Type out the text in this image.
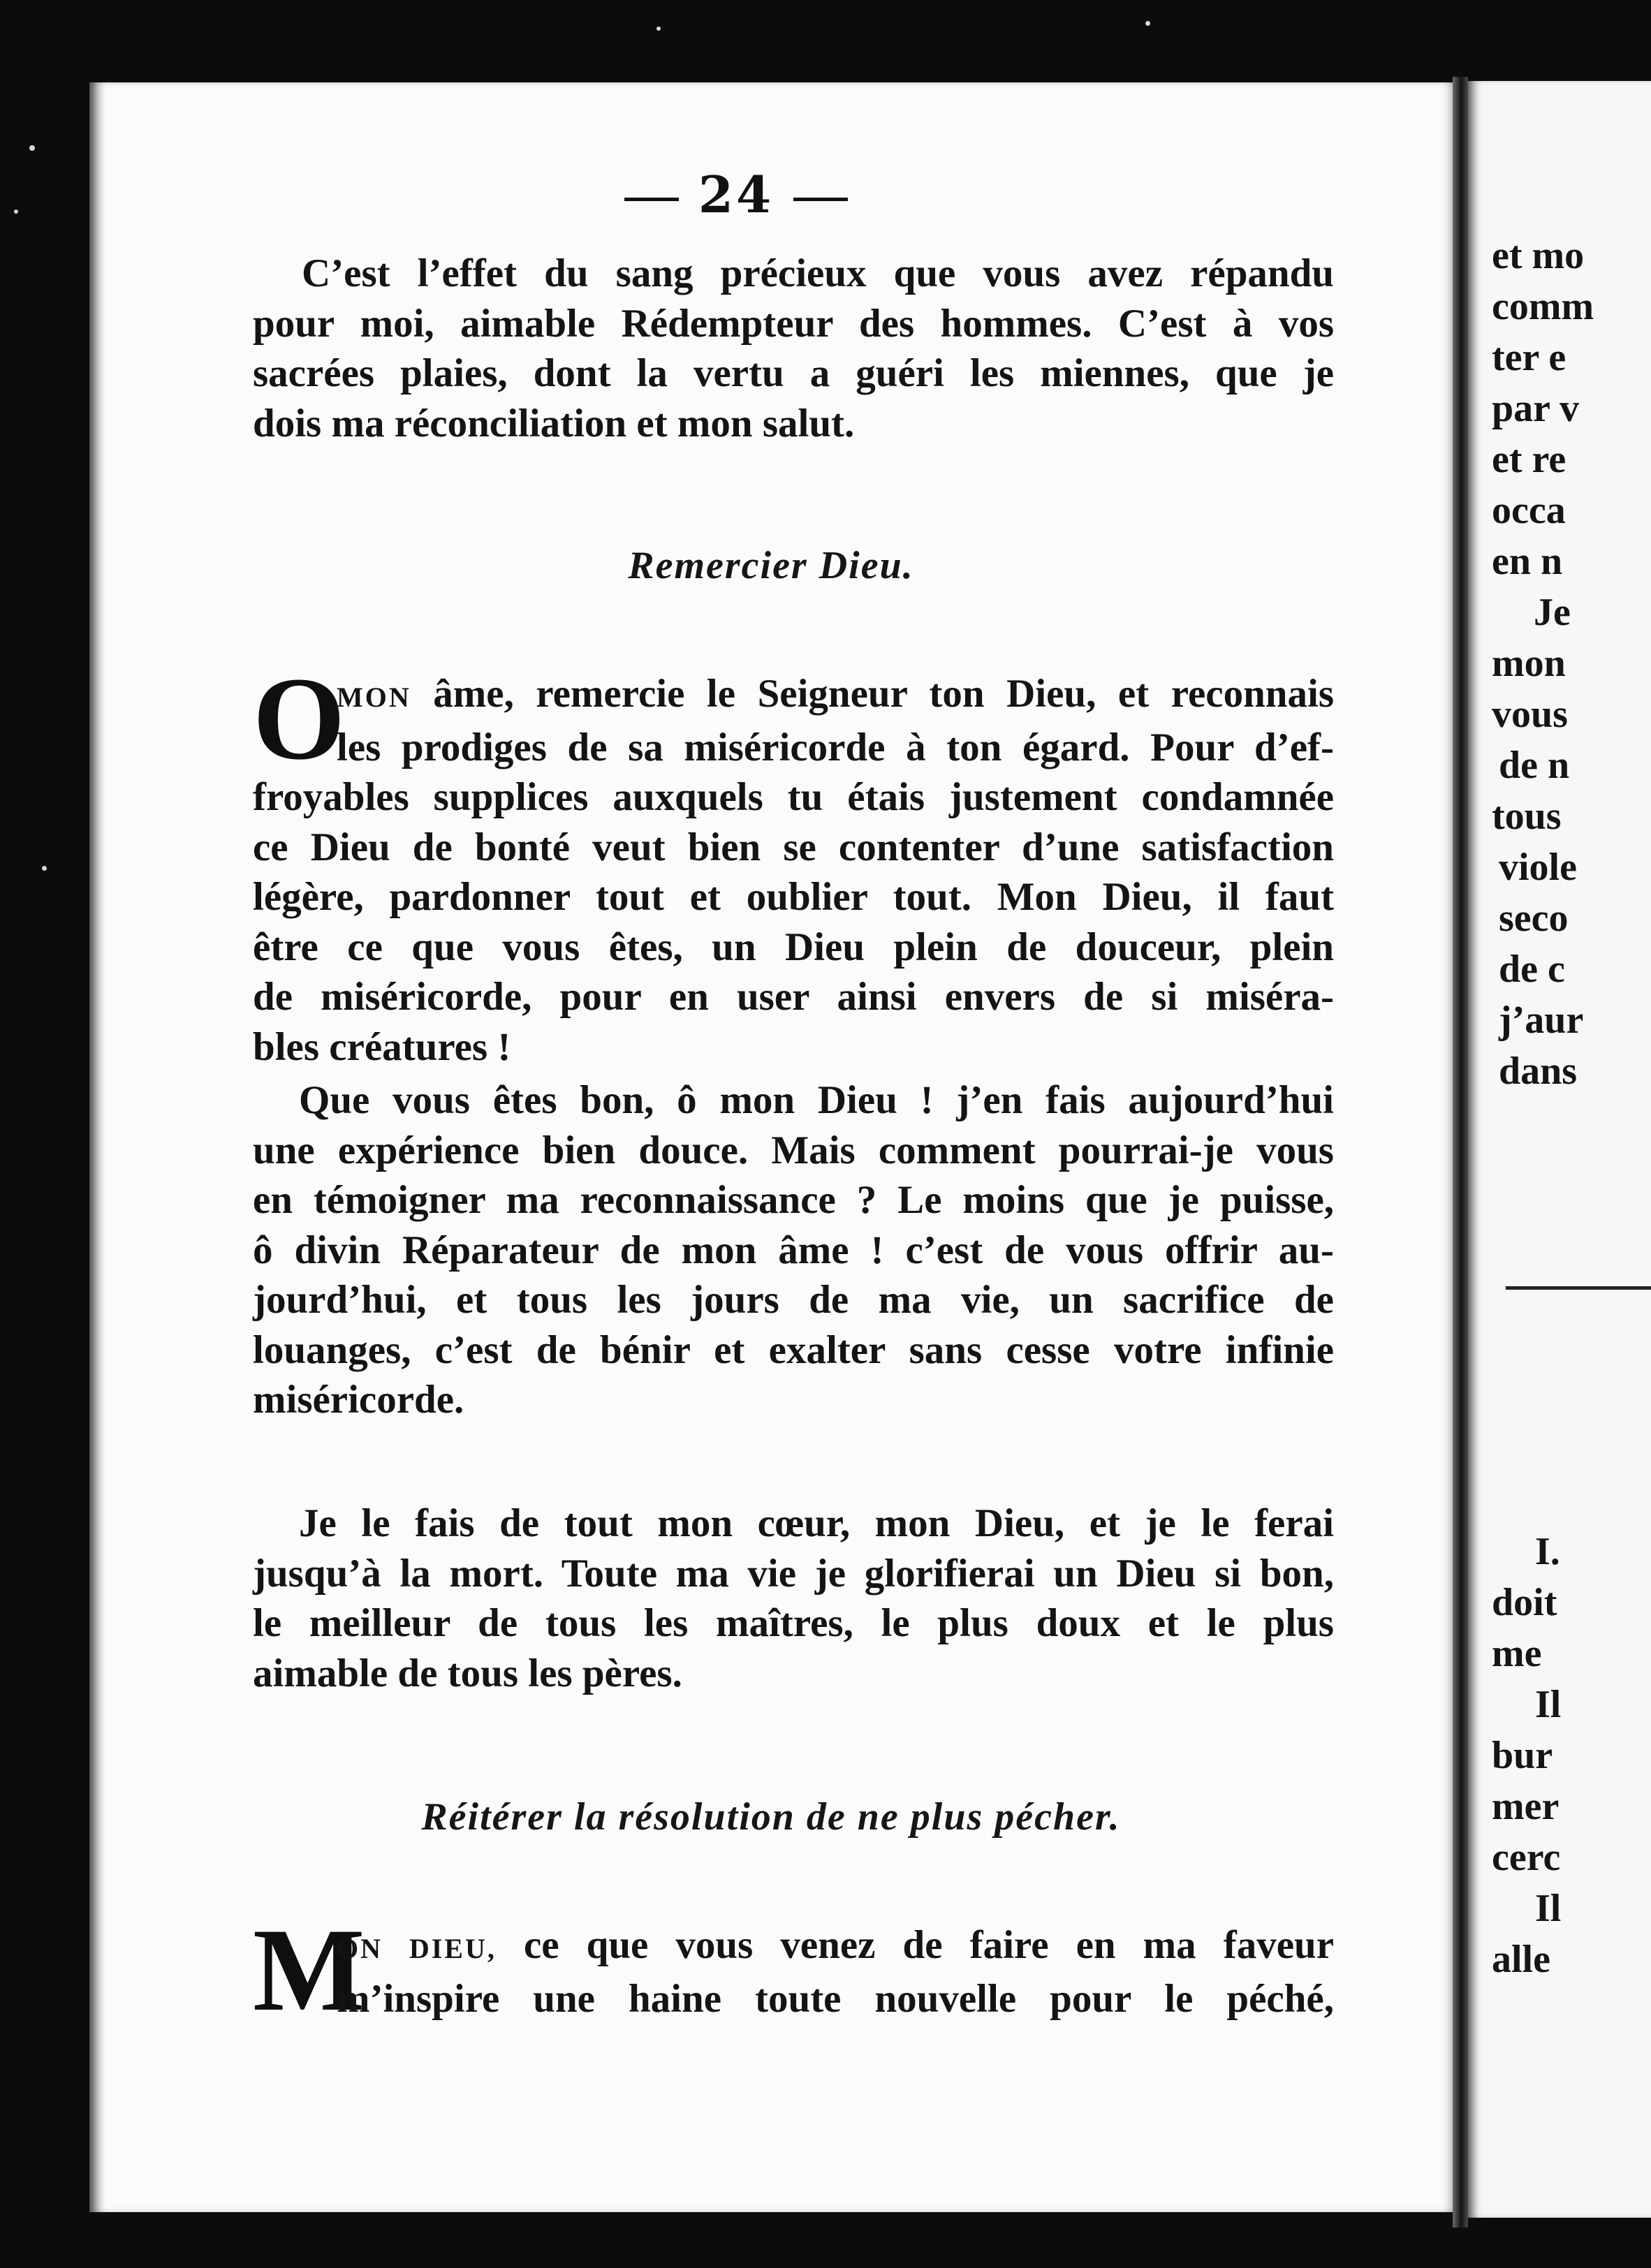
24
C’est l’effet du sang précieux que vous avez répandu
pour moi, aimable Rédempteur des hommes. C’est à vos
sacrées plaies, dont la vertu a guéri les miennes, que je
dois ma réconciliation et mon salut.
Remercier Dieu.
O
MON âme, remercie le Seigneur ton Dieu, et reconnais
les prodiges de sa miséricorde à ton égard. Pour d’ef-
froyables supplices auxquels tu étais justement condamnée
ce Dieu de bonté veut bien se contenter d’une satisfaction
légère, pardonner tout et oublier tout. Mon Dieu, il faut
être ce que vous êtes, un Dieu plein de douceur, plein
de miséricorde, pour en user ainsi envers de si miséra-
bles créatures !
Que vous êtes bon, ô mon Dieu ! j’en fais aujourd’hui
une expérience bien douce. Mais comment pourrai-je vous
en témoigner ma reconnaissance ? Le moins que je puisse,
ô divin Réparateur de mon âme ! c’est de vous offrir au-
jourd’hui, et tous les jours de ma vie, un sacrifice de
louanges, c’est de bénir et exalter sans cesse votre infinie
miséricorde.
Je le fais de tout mon cœur, mon Dieu, et je le ferai
jusqu’à la mort. Toute ma vie je glorifierai un Dieu si bon,
le meilleur de tous les maîtres, le plus doux et le plus
aimable de tous les pères.
Réitérer la résolution de ne plus pécher.
M
ON DIEU, ce que vous venez de faire en ma faveur
m’inspire une haine toute nouvelle pour le péché,
et mo
comm
ter e
par v
et re
occa
en n
Je
mon
vous
de n
tous
viole
seco
de c
j’aur
dans
I.
doit
me
Il
bur
mer
cerc
Il
alle
